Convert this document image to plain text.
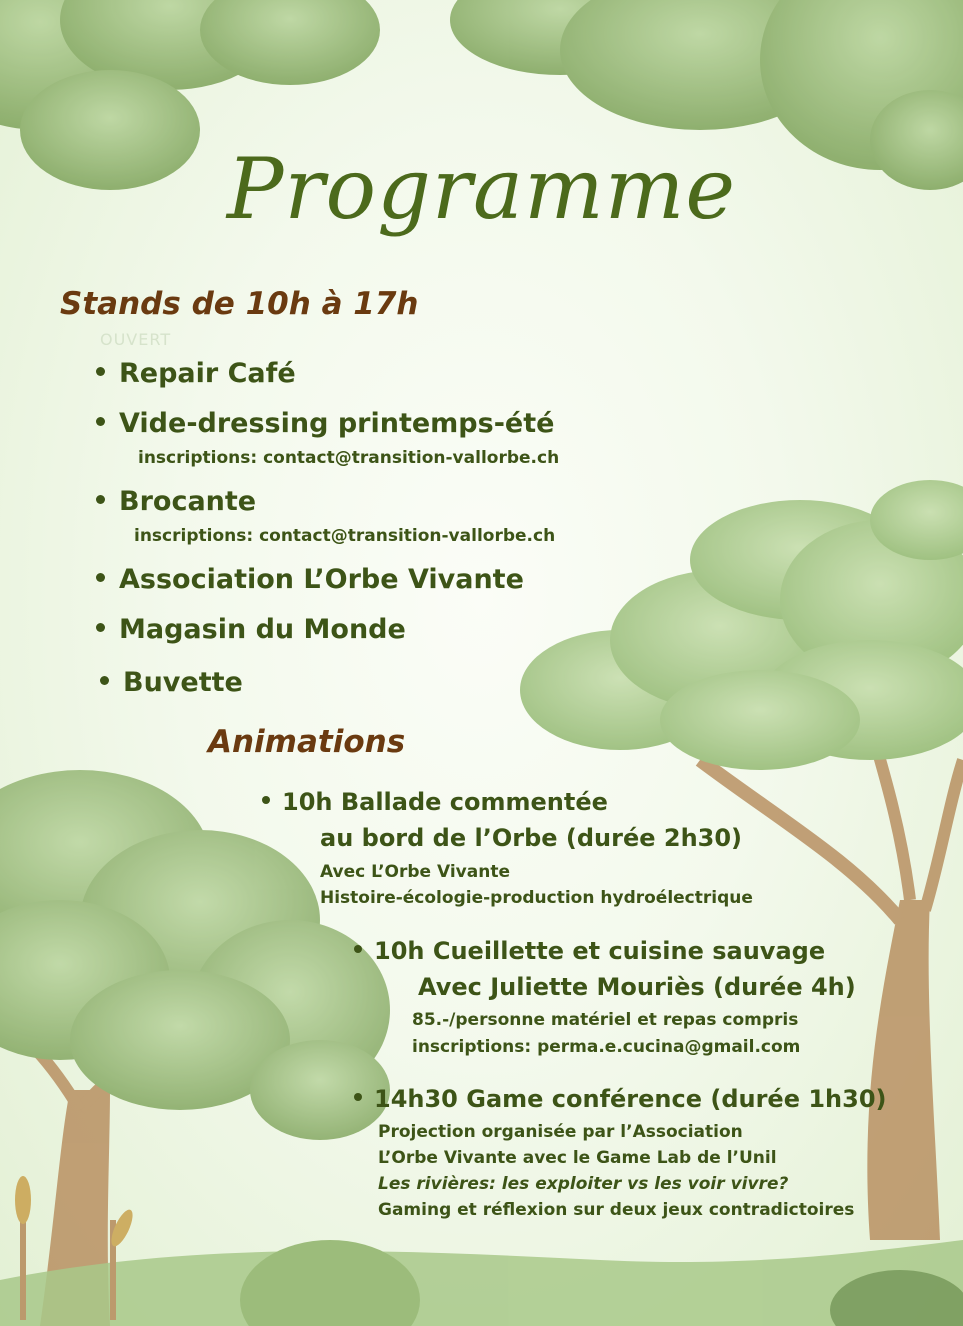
OUVERT
Programme
Stands de 10h à 17h
Repair Café
Vide-dressing printemps-été
inscriptions: contact@transition-vallorbe.ch
Brocante
inscriptions: contact@transition-vallorbe.ch
Association L’Orbe Vivante
Magasin du Monde
Buvette
Animations
10h Ballade commentée
au bord de l’Orbe (durée 2h30)
Avec L’Orbe Vivante
Histoire-écologie-production hydroélectrique
10h Cueillette et cuisine sauvage
Avec Juliette Mouriès (durée 4h)
85.-/personne matériel et repas compris
inscriptions: perma.e.cucina@gmail.com
14h30 Game conférence (durée 1h30)
Projection organisée par l’Association
L’Orbe Vivante avec le Game Lab de l’Unil
Les rivières: les exploiter vs les voir vivre?
Gaming et réflexion sur deux jeux contradictoires
